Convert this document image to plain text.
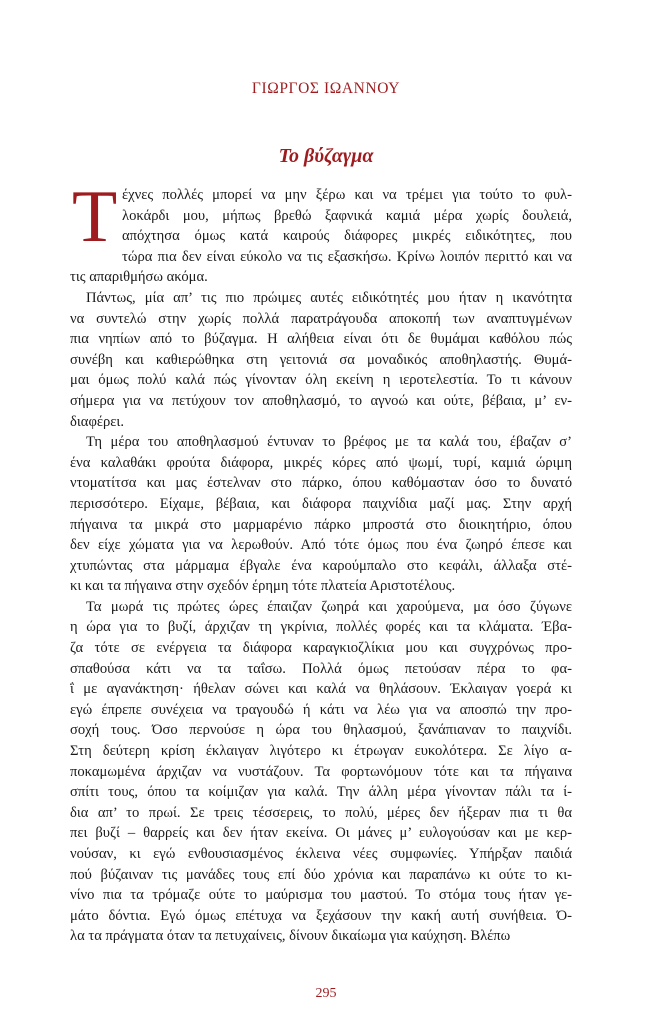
ΓΙΩΡΓΟΣ ΙΩΑΝΝΟΥ
Το βύζαγμα
Τ έχνες πολλές μπορεί να μην ξέρω και να τρέμει για τούτο το φυλ-
λοκάρδι μου, μήπως βρεθώ ξαφνικά καμιά μέρα χωρίς δουλειά,
απόχτησα όμως κατά καιρούς διάφορες μικρές ειδικότητες, που
τώρα πια δεν είναι εύκολο να τις εξασκήσω. Κρίνω λοιπόν περιττό και να
τις απαριθμήσω ακόμα.
Πάντως, μία απ’ τις πιο πρώιμες αυτές ειδικότητές μου ήταν η ικανότητα
να συντελώ στην χωρίς πολλά παρατράγουδα αποκοπή των αναπτυγμένων
πια νηπίων από το βύζαγμα. Η αλήθεια είναι ότι δε θυμάμαι καθόλου πώς
συνέβη και καθιερώθηκα στη γειτονιά σα μοναδικός αποθηλαστής. Θυμά-
μαι όμως πολύ καλά πώς γίνονταν όλη εκείνη η ιεροτελεστία. Το τι κάνουν
σήμερα για να πετύχουν τον αποθηλασμό, το αγνοώ και ούτε, βέβαια, μ’ εν-
διαφέρει.
Τη μέρα του αποθηλασμού έντυναν το βρέφος με τα καλά του, έβαζαν σ’
ένα καλαθάκι φρούτα διάφορα, μικρές κόρες από ψωμί, τυρί, καμιά ώριμη
ντοματίτσα και μας έστελναν στο πάρκο, όπου καθόμασταν όσο το δυνατό
περισσότερο. Είχαμε, βέβαια, και διάφορα παιχνίδια μαζί μας. Στην αρχή
πήγαινα τα μικρά στο μαρμαρένιο πάρκο μπροστά στο διοικητήριο, όπου
δεν είχε χώματα για να λερωθούν. Από τότε όμως που ένα ζωηρό έπεσε και
χτυπώντας στα μάρμαμα έβγαλε ένα καρούμπαλο στο κεφάλι, άλλαξα στέ-
κι και τα πήγαινα στην σχεδόν έρημη τότε πλατεία Αριστοτέλους.
Τα μωρά τις πρώτες ώρες έπαιζαν ζωηρά και χαρούμενα, μα όσο ζύγωνε
η ώρα για το βυζί, άρχιζαν τη γκρίνια, πολλές φορές και τα κλάματα. Έβα-
ζα τότε σε ενέργεια τα διάφορα καραγκιοζλίκια μου και συγχρόνως προ-
σπαθούσα κάτι να τα ταΐσω. Πολλά όμως πετούσαν πέρα το φα-
ΐ με αγανάκτηση· ήθελαν σώνει και καλά να θηλάσουν. Έκλαιγαν γοερά κι
εγώ έπρεπε συνέχεια να τραγουδώ ή κάτι να λέω για να αποσπώ την προ-
σοχή τους. Όσο περνούσε η ώρα του θηλασμού, ξανάπιαναν το παιχνίδι.
Στη δεύτερη κρίση έκλαιγαν λιγότερο κι έτρωγαν ευκολότερα. Σε λίγο α-
ποκαμωμένα άρχιζαν να νυστάζουν. Τα φορτωνόμουν τότε και τα πήγαινα
σπίτι τους, όπου τα κοίμιζαν για καλά. Την άλλη μέρα γίνονταν πάλι τα ί-
δια απ’ το πρωί. Σε τρεις τέσσερεις, το πολύ, μέρες δεν ήξεραν πια τι θα
πει βυζί – θαρρείς και δεν ήταν εκείνα. Οι μάνες μ’ ευλογούσαν και με κερ-
νούσαν, κι εγώ ενθουσιασμένος έκλεινα νέες συμφωνίες. Υπήρξαν παιδιά
πού βύζαιναν τις μανάδες τους επί δύο χρόνια και παραπάνω κι ούτε το κι-
νίνο πια τα τρόμαζε ούτε το μαύρισμα του μαστού. Το στόμα τους ήταν γε-
μάτο δόντια. Εγώ όμως επέτυχα να ξεχάσουν την κακή αυτή συνήθεια. Ό-
λα τα πράγματα όταν τα πετυχαίνεις, δίνουν δικαίωμα για καύχηση. Βλέπω
295
